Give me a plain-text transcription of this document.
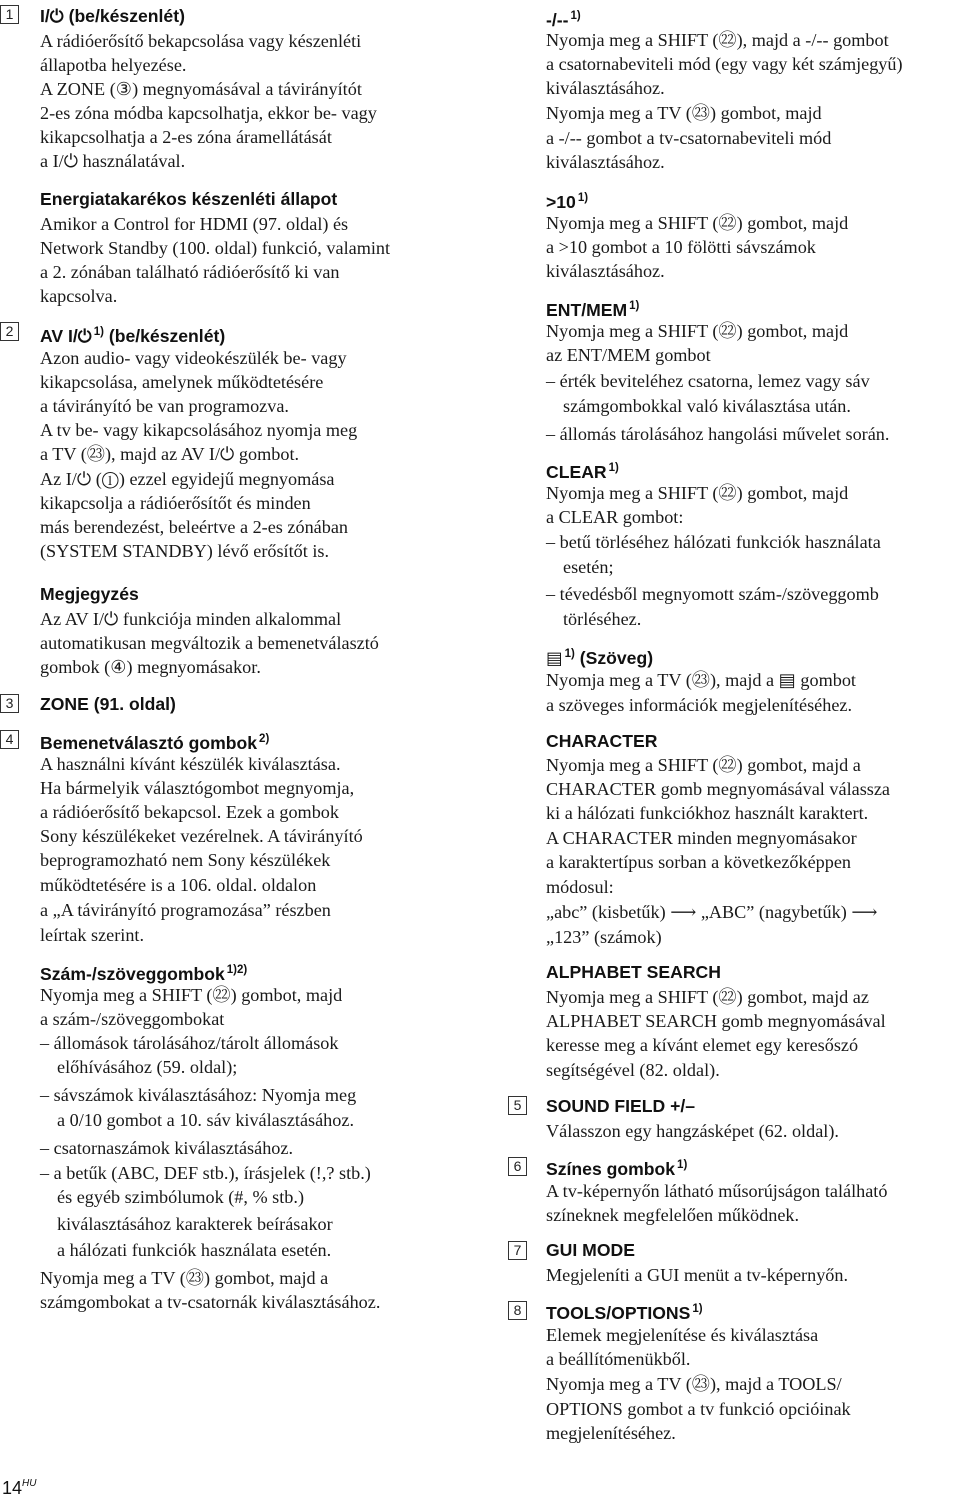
1	I/⏻ (be/készenlét)
A rádióerősítő bekapcsolása vagy készenléti
állapotba helyezése.
A ZONE (③) megnyomásával a távirányítót
2-es zóna módba kapcsolhatja, ekkor be- vagy
kikapcsolhatja a 2-es zóna áramellátását
a I/⏻ használatával.
Energiatakarékos készenléti állapot
Amikor a Control for HDMI (97. oldal) és
Network Standby (100. oldal) funkció, valamint
a 2. zónában található rádióerősítő ki van
kapcsolva.
2	AV I/⏻ $^{1)}$ (be/készenlét)
Azon audio- vagy videokészülék be- vagy
kikapcsolása, amelynek működtetésére
a távirányító be van programozva.
A tv be- vagy kikapcsolásához nyomja meg
a TV (㉓), majd az AV I/⏻ gombot.
Az I/⏻ (①) ezzel egyidejű megnyomása
kikapcsolja a rádióerősítőt és minden
más berendezést, beleértve a 2-es zónában
(SYSTEM STANDBY) lévő erősítőt is.
Megjegyzés
Az AV I/⏻ funkciója minden alkalommal
automatikusan megváltozik a bemenetválasztó
gombok (④) megnyomásakor.
3	ZONE (91. oldal)
4	Bemenetválasztó gombok $^{2)}$
A használni kívánt készülék kiválasztása.
Ha bármelyik választógombot megnyomja,
a rádióerősítő bekapcsol. Ezek a gombok
Sony készülékeket vezérelnek. A távirányító
beprogramozható nem Sony készülékek
működtetésére is a 106. oldal. oldalon
a „A távirányító programozása” részben
leírtak szerint.
Szám-/szöveggombok $^{1)2)}$
Nyomja meg a SHIFT (㉒) gombot, majd
a szám-/szöveggombokat
– állomások tárolásához/tárolt állomások
előhívásához (59. oldal);
– sávszámok kiválasztásához: Nyomja meg
a 0/10 gombot a 10. sáv kiválasztásához.
– csatornaszámok kiválasztásához.
– a betűk (ABC, DEF stb.), írásjelek (!,? stb.)
és egyéb szimbólumok (#, % stb.)
kiválasztásához karakterek beírásakor
a hálózati funkciók használata esetén.
Nyomja meg a TV (㉓) gombot, majd a
számgombokat a tv-csatornák kiválasztásához.
-/-- $^{1)}$
Nyomja meg a SHIFT (㉒), majd a -/-- gombot
a csatornabeviteli mód (egy vagy két számjegyű)
kiválasztásához.
Nyomja meg a TV (㉓) gombot, majd
a -/-- gombot a tv-csatornabeviteli mód
kiválasztásához.
>10 $^{1)}$
Nyomja meg a SHIFT (㉒) gombot, majd
a >10 gombot a 10 fölötti sávszámok
kiválasztásához.
ENT/MEM $^{1)}$
Nyomja meg a SHIFT (㉒) gombot, majd
az ENT/MEM gombot
– érték beviteléhez csatorna, lemez vagy sáv
számgombokkal való kiválasztása után.
– állomás tárolásához hangolási művelet során.
CLEAR $^{1)}$
Nyomja meg a SHIFT (㉒) gombot, majd
a CLEAR gombot:
– betű törléséhez hálózati funkciók használata
esetén;
– tévedésből megnyomott szám-/szöveggomb
törléséhez.
▤ $^{1)}$ (Szöveg)
Nyomja meg a TV (㉓), majd a ▤ gombot
a szöveges információk megjelenítéséhez.
CHARACTER
Nyomja meg a SHIFT (㉒) gombot, majd a
CHARACTER gomb megnyomásával válassza
ki a hálózati funkciókhoz használt karaktert.
A CHARACTER minden megnyomásakor
a karaktertípus sorban a következőképpen
módosul:
„abc” (kisbetűk) ⟶ „ABC” (nagybetűk) ⟶
„123” (számok)
ALPHABET SEARCH
Nyomja meg a SHIFT (㉒) gombot, majd az
ALPHABET SEARCH gomb megnyomásával
keresse meg a kívánt elemet egy keresőszó
segítségével (82. oldal).
5	SOUND FIELD +/–
Válasszon egy hangzásképet (62. oldal).
6	Színes gombok $^{1)}$
A tv-képernyőn látható műsorújságon található
színeknek megfelelően működnek.
7	GUI MODE
Megjeleníti a GUI menüt a tv-képernyőn.
8	TOOLS/OPTIONS $^{1)}$
Elemek megjelenítése és kiválasztása
a beállítómenükből.
Nyomja meg a TV (㉓), majd a TOOLS/
OPTIONS gombot a tv funkció opcióinak
megjelenítéséhez.
$14^{HU}$
